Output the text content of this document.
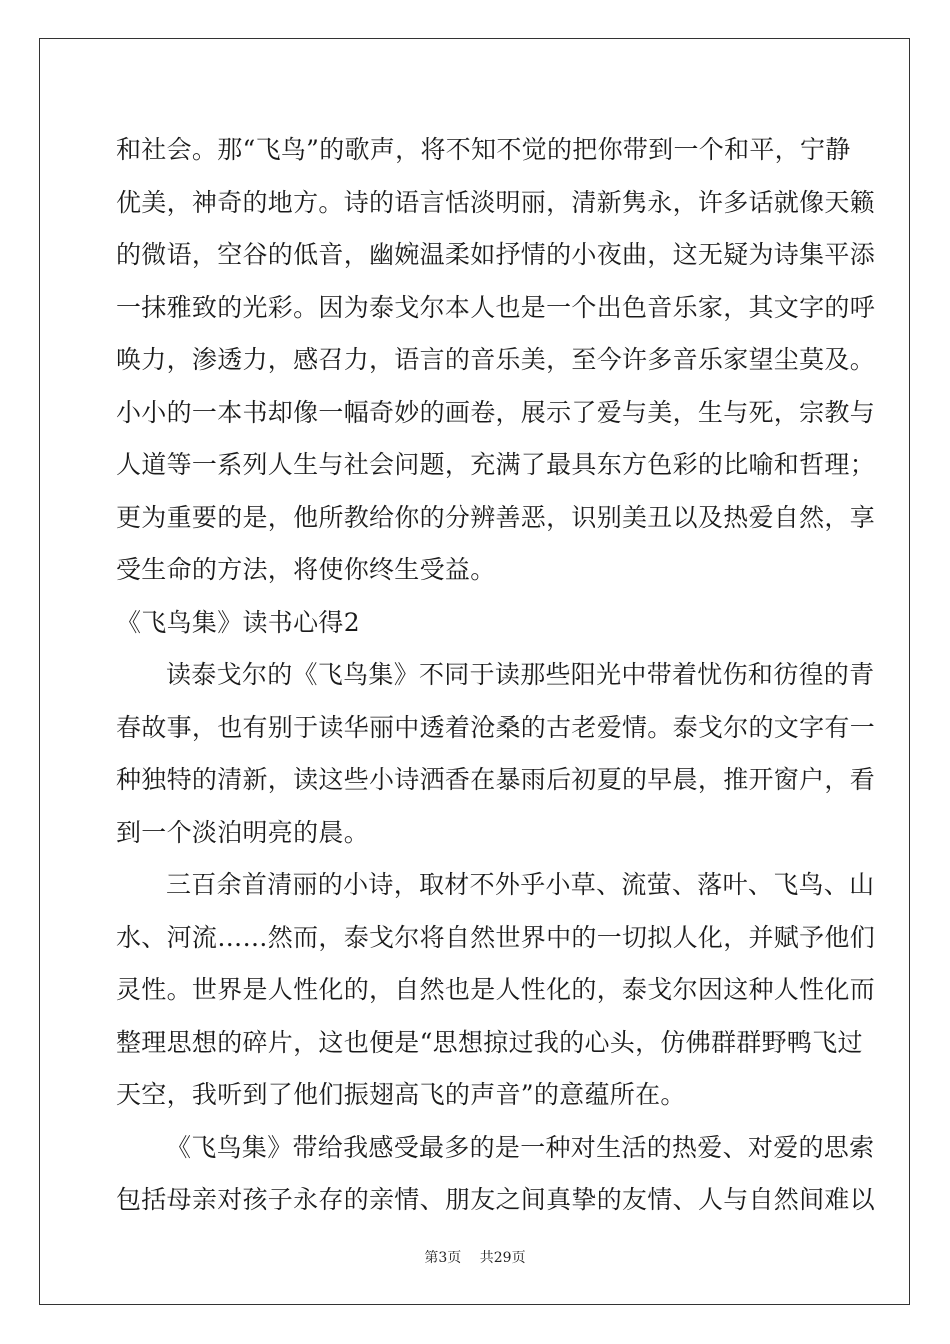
和社会。那“飞鸟”的歌声，将不知不觉的把你带到一个和平，宁静
优美，神奇的地方。诗的语言恬淡明丽，清新隽永，许多话就像天籁
的微语，空谷的低音，幽婉温柔如抒情的小夜曲，这无疑为诗集平添
一抹雅致的光彩。因为泰戈尔本人也是一个出色音乐家，其文字的呼
唤力，渗透力，感召力，语言的音乐美，至今许多音乐家望尘莫及。
小小的一本书却像一幅奇妙的画卷，展示了爱与美，生与死，宗教与
人道等一系列人生与社会问题，充满了最具东方色彩的比喻和哲理；
更为重要的是，他所教给你的分辨善恶，识别美丑以及热爱自然，享
受生命的方法，将使你终生受益。
《飞鸟集》读书心得2
读泰戈尔的《飞鸟集》不同于读那些阳光中带着忧伤和彷徨的青
春故事，也有别于读华丽中透着沧桑的古老爱情。泰戈尔的文字有一
种独特的清新，读这些小诗洒香在暴雨后初夏的早晨，推开窗户，看
到一个淡泊明亮的晨。
三百余首清丽的小诗，取材不外乎小草、流萤、落叶、飞鸟、山
水、河流……然而，泰戈尔将自然世界中的一切拟人化，并赋予他们
灵性。世界是人性化的，自然也是人性化的，泰戈尔因这种人性化而
整理思想的碎片，这也便是“思想掠过我的心头，仿佛群群野鸭飞过
天空，我听到了他们振翅高飞的声音”的意蕴所在。
《飞鸟集》带给我感受最多的是一种对生活的热爱、对爱的思索
包括母亲对孩子永存的亲情、朋友之间真挚的友情、人与自然间难以
第3页 共29页
